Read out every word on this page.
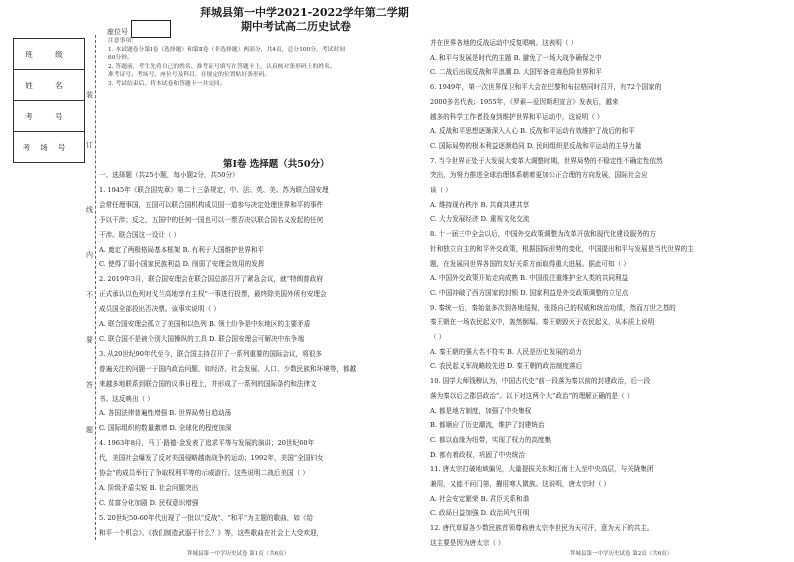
座位号
拜城县第一中学2021-2022学年第二学期
期中考试高二历史试卷
班 级
姓 名
考 号
考场号
装
订
线
内
不
要
答
题
注意事项：
1. 本试题卷分第Ⅰ卷（选择题）和第Ⅱ卷（非选择题）两部分，共4页，总分100分，考试时间
60分钟。
2. 答题前，考生先将自己的姓名、准考证号填写在答题卡上，认真核对条形码上的姓名、
准考证号、考场号、座位号及科目，在规定的位置贴好条形码。
3. 考试结束后，将本试卷和答题卡一并交回。
第Ⅰ卷 选择题（共50分）
一、选择题（共25小题，每小题2分，共50分）
1. 1945年《联合国宪章》第二十三条规定，中、法、英、美、苏为联合国安理
会常任理事国，五国可以联合国机构成员国一道参与决定处理世界和平的事件
予以干涉；反之，五国中的任何一国也可以一票否决以联合国名义发起的任何
干涉。联合国这一设计（ ）
A. 奠定了两极格局基本框架 B. 有利于大国维护世界和平
C. 使得了弱小国家民族利益 D. 削弱了安理会效用的发挥
2. 2019年3月，联合国安理会在联合国总部召开了紧急会议，就“特朗普政府
正式承认以色列对戈兰高地享有主权”一事进行投票，最终除美国外所有安理会
成员国全部投出否决票。该事实说明（ ）
A. 联合国安理会孤立了美国和以色列 B. 领土纷争是中东地区的主要矛盾
C. 联合国不是被个别大国操纵的工具 D. 联合国安理会可解决中东争端
3. 从20世纪90年代至今，联合国主持召开了一系列重要的国际会议，将很多
普遍关注的问题一于国内政治问题，如经济、社会发展、人口、少数民族和环境等，都越
来越多地联系到联合国的议事日程上，并形成了一系列的国际条约和法律文
书。这反映出（ ）
A. 各国法律普遍性增强 B. 世界局势日趋动荡
C. 国际组织的数量激增 D. 全球化的程度加深
4. 1963年8月，马丁·路德·金发表了追求平等与发展的演讲；20世纪60年
代，美国社会爆发了反对美国侵略越南战争的运动；1992年，美国“全国妇女
协会”的成员举行了争取权利平等的示威游行。这些说明二战后美国（ ）
A. 阶级矛盾尖锐 B. 社会问题突出
C. 贫富分化加剧 D. 民权意识增强
5. 20世纪50-60年代出现了一批以“反战”、“和平”为主题的歌曲，如《给
和平一个机会》、《我们制造武器干什么？》等，这些歌曲在社会上大受欢迎，
并在世界各地的反战运动中反复唱响。这表明（ ）
A. 和平与发展是时代的主题 B. 避免了一场大战争确保之中
C. 二战后出现反战和平浪潮 D. 大国军备竞赛危险世界和平
6. 1949年，第一次世界保卫和平大会在巴黎和布拉格同时召开，有72个国家的
2000多名代表；1955年，《罗素—爱因斯坦宣言》发表后，越来
越多的科学工作者投身到维护世界和平运动中，这说明（ ）
A. 反战和平思想逐渐深入人心 B. 反战和平运动有效维护了战后的和平
C. 国际局势的根本利益逐渐趋同 D. 民间组织是反战和平运动的主导力量
7. 当今世界正处于大发展大变革大调整时期，世界局势的不稳定性不确定性依然
突出，为努力推进全球治理体系朝着更加公正合理的方向发展，国际社会应
该（ ）
A. 维持现有秩序 B. 共商共建共享
C. 大力发展经济 D. 重视文化交流
8. 十一届三中全会以后，中国外交政策调整为改革开放和现代化建设服务的方
针和独立自主的和平外交政策，根据国际形势的变化，中国提出和平与发展是当代世界的主
题，在发展同世界各国的友好关系方面取得重大进展。据此可知（ ）
A. 中国外交政策开始走向成熟 B. 中国很注重维护全人类的共同利益
C. 中国冲破了西方国家的封锁 D. 国家利益是外交政策调整的立足点
9. 秦统一后，秦始皇多次到各地巡视，张扬自己的权威和统治功绩，然而万世之基的
秦王朝在一场农民起义中，轰然倒塌。秦王朝毁灭于农民起义，从本质上说明
（ ）
A. 秦王朝的强大名不符实 B. 人民是历史发展的动力
C. 农民起义军战略较先进 D. 秦王朝的政治制度落后
10. 国学大师钱穆认为，中国古代史“前一段落为秦以前的封建政治，后一段
落为秦以后之郡县政治”。以下对这两个大“政治”的理解正确的是（ ）
A. 都是地方制度，加强了中央集权
B. 都顺应了历史潮流，维护了封建统治
C. 都以血缘为纽带，实现了权力的高度集
D. 都有着政权，巩固了中央统治
11. 唐太宗打破地域偏见，大量提拔关东和江南士人至中央高层，与关陇集团
兼用，又能不问门第，擢用寒人微族。这说明，唐太宗时（ ）
A. 社会安定繁荣 B. 君臣关系和谐
C. 政局日益加强 D. 政治风气开明
12. 唐代草原各少数民族首领尊称唐太宗李世民为天可汗，意为天下的共主。
这主要是因为唐太宗（ ）
拜城县第一中学历史试卷 第1页（共6页）	拜城县第一中学历史试卷 第2页（共6页）
